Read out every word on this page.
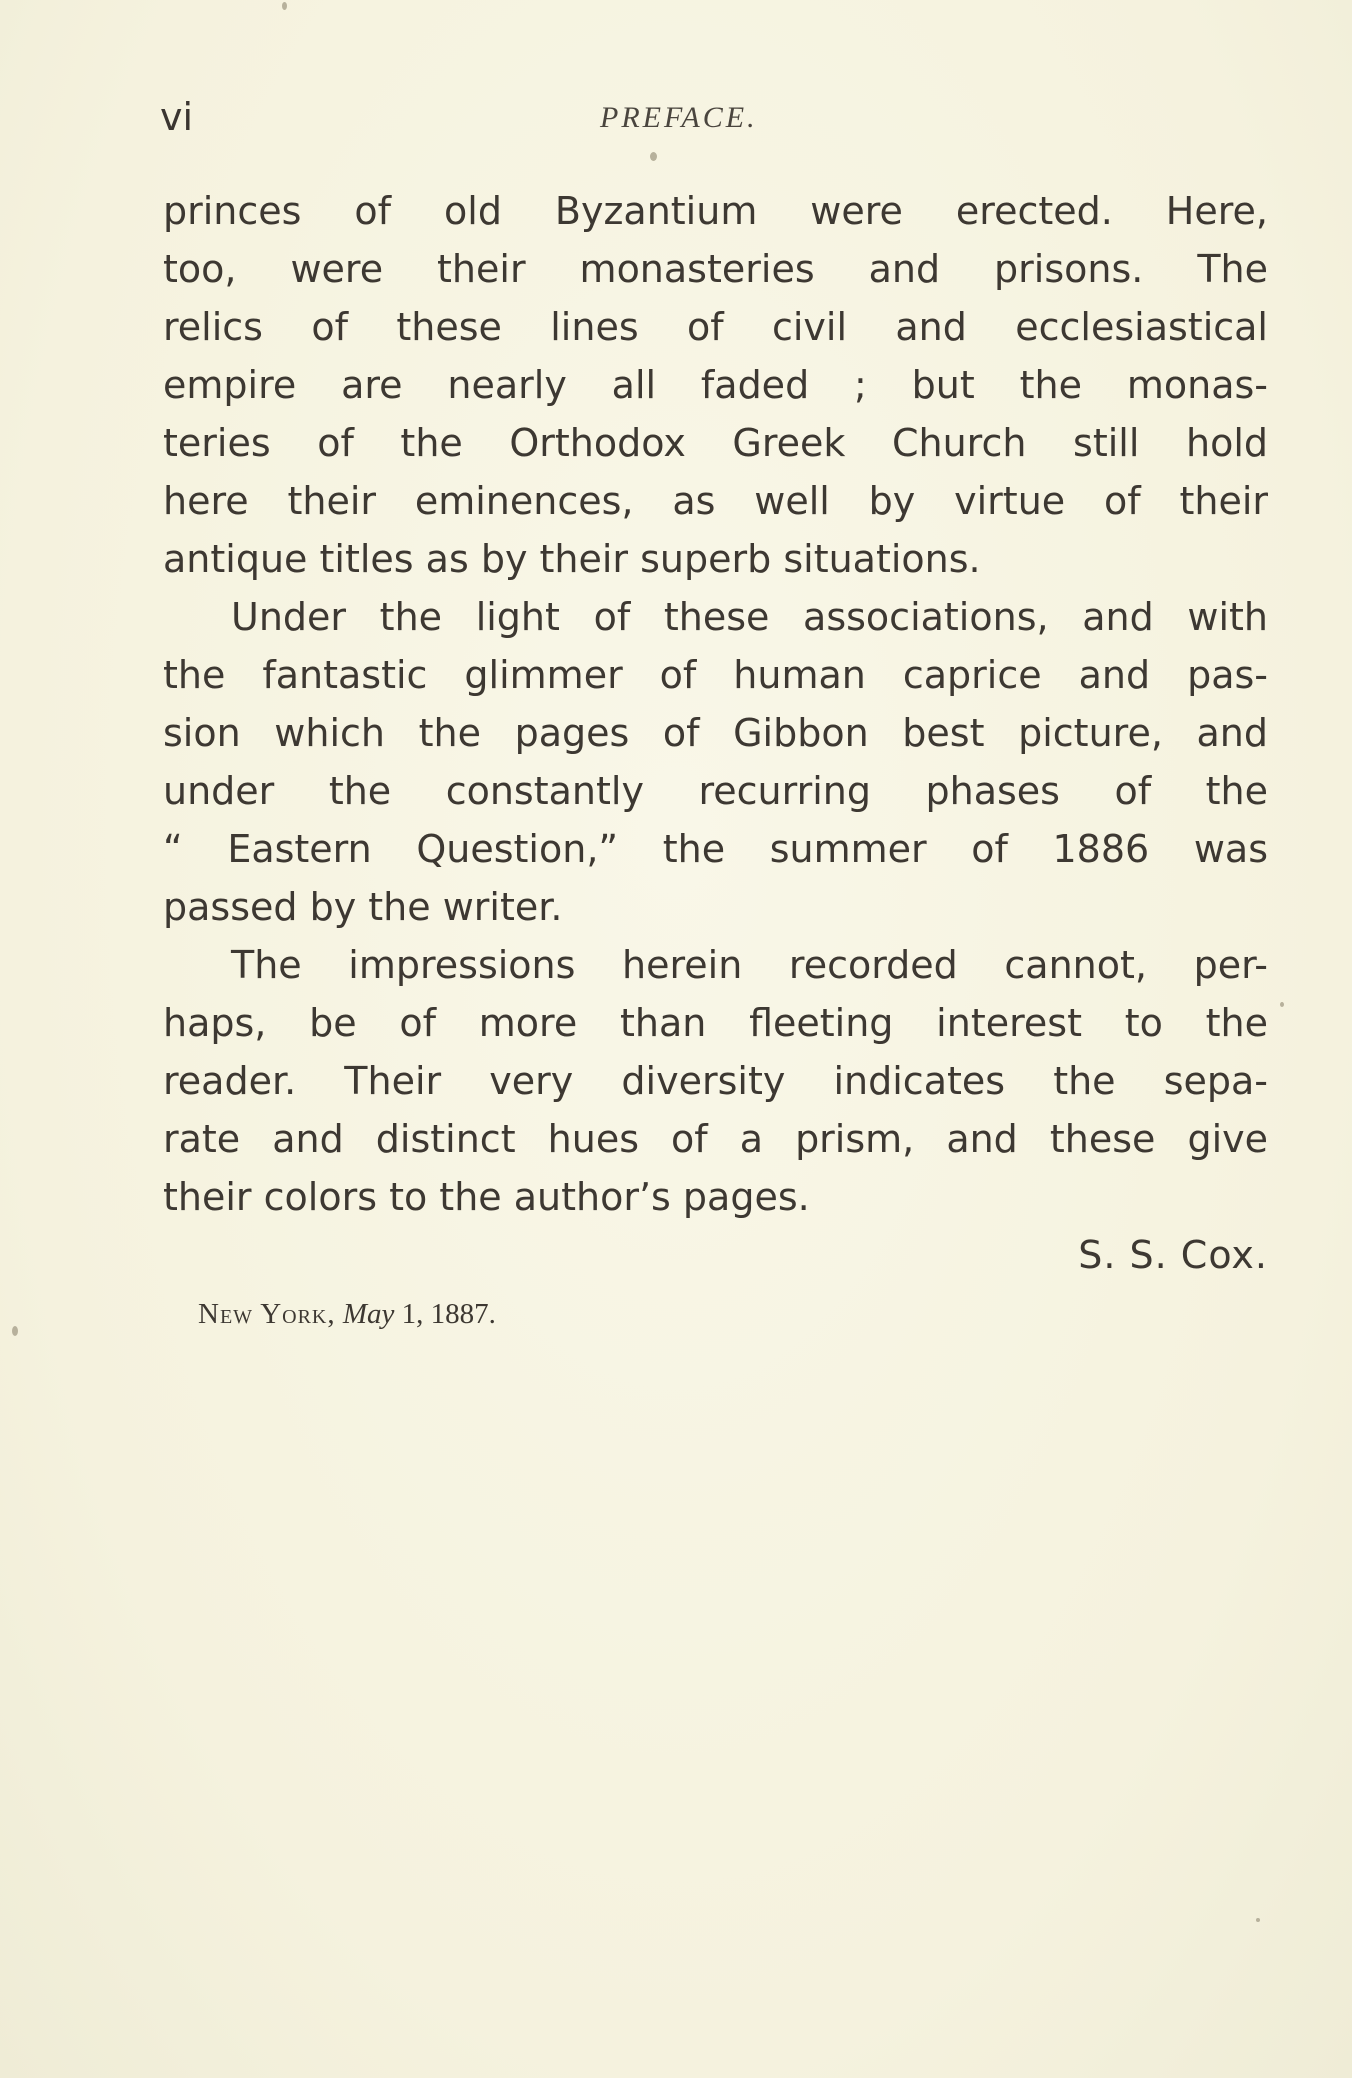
vi	PREFACE.
princes of old Byzantium were erected. Here,
too, were their monasteries and prisons. The
relics of these lines of civil and ecclesiastical
empire are nearly all faded ; but the monas-
teries of the Orthodox Greek Church still hold
here their eminences, as well by virtue of their
antique titles as by their superb situations.
Under the light of these associations, and with
the fantastic glimmer of human caprice and pas-
sion which the pages of Gibbon best picture, and
under the constantly recurring phases of the
“ Eastern Question,” the summer of 1886 was
passed by the writer.
The impressions herein recorded cannot, per-
haps, be of more than fleeting interest to the
reader. Their very diversity indicates the sepa-
rate and distinct hues of a prism, and these give
their colors to the author’s pages.
S. S. Cox.
New York, May 1, 1887.
